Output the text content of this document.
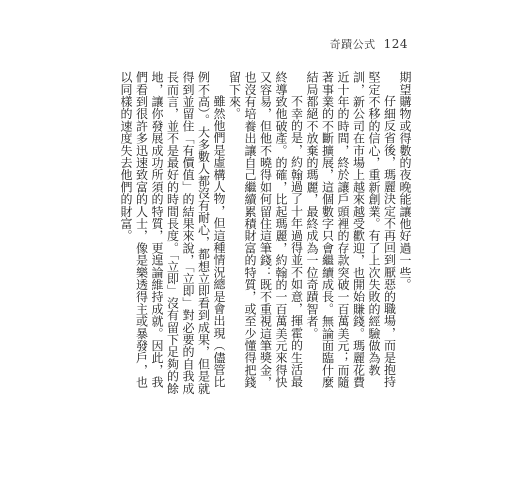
奇蹟公式 124

期望購物或得數的夜晚能讓他好過一些。

仔細反省後，瑪麗決定不再回到厭惡的職場，而是抱持堅定不移的信心，重新創業。有了上次失敗的經驗做為教訓，新公司在市場上越來越受歡迎，也開始賺錢。瑪麗花費近十年的時間，終於讓戶頭裡的存款突破一百萬美元；而隨著事業的不斷擴展，這個數字只會繼續成長。無論面臨什麼結局都絕不放棄的瑪麗，最終成為一位奇蹟智者。

不幸的是，約翰過了十年過得並不如意，揮霍的生活最終導致他破產。的確，比起瑪麗，約翰的一百萬美元來得快又容易，但他不曉得如何留住這筆錢：既不重視這筆獎金，也沒有培養出讓自己繼續累積財富的特質，或至少懂得把錢留下來。

雖然他們是虛構人物，但這種情況總是會出現（儘管比例不高）。大多數人都沒有耐心，都想立即看到成果，但是就得到並留住「有價值」的結果來說，「立即」對必要的自我成長而言，並不是最好的時間長度。「立即」沒有留下足夠的餘地，讓你發展成功所須的特質，更遑論維持成就。因此，我們看到很許多迅速致富的人士，像是樂透得主或暴發戶，也以同樣的速度失去他們的財富。
